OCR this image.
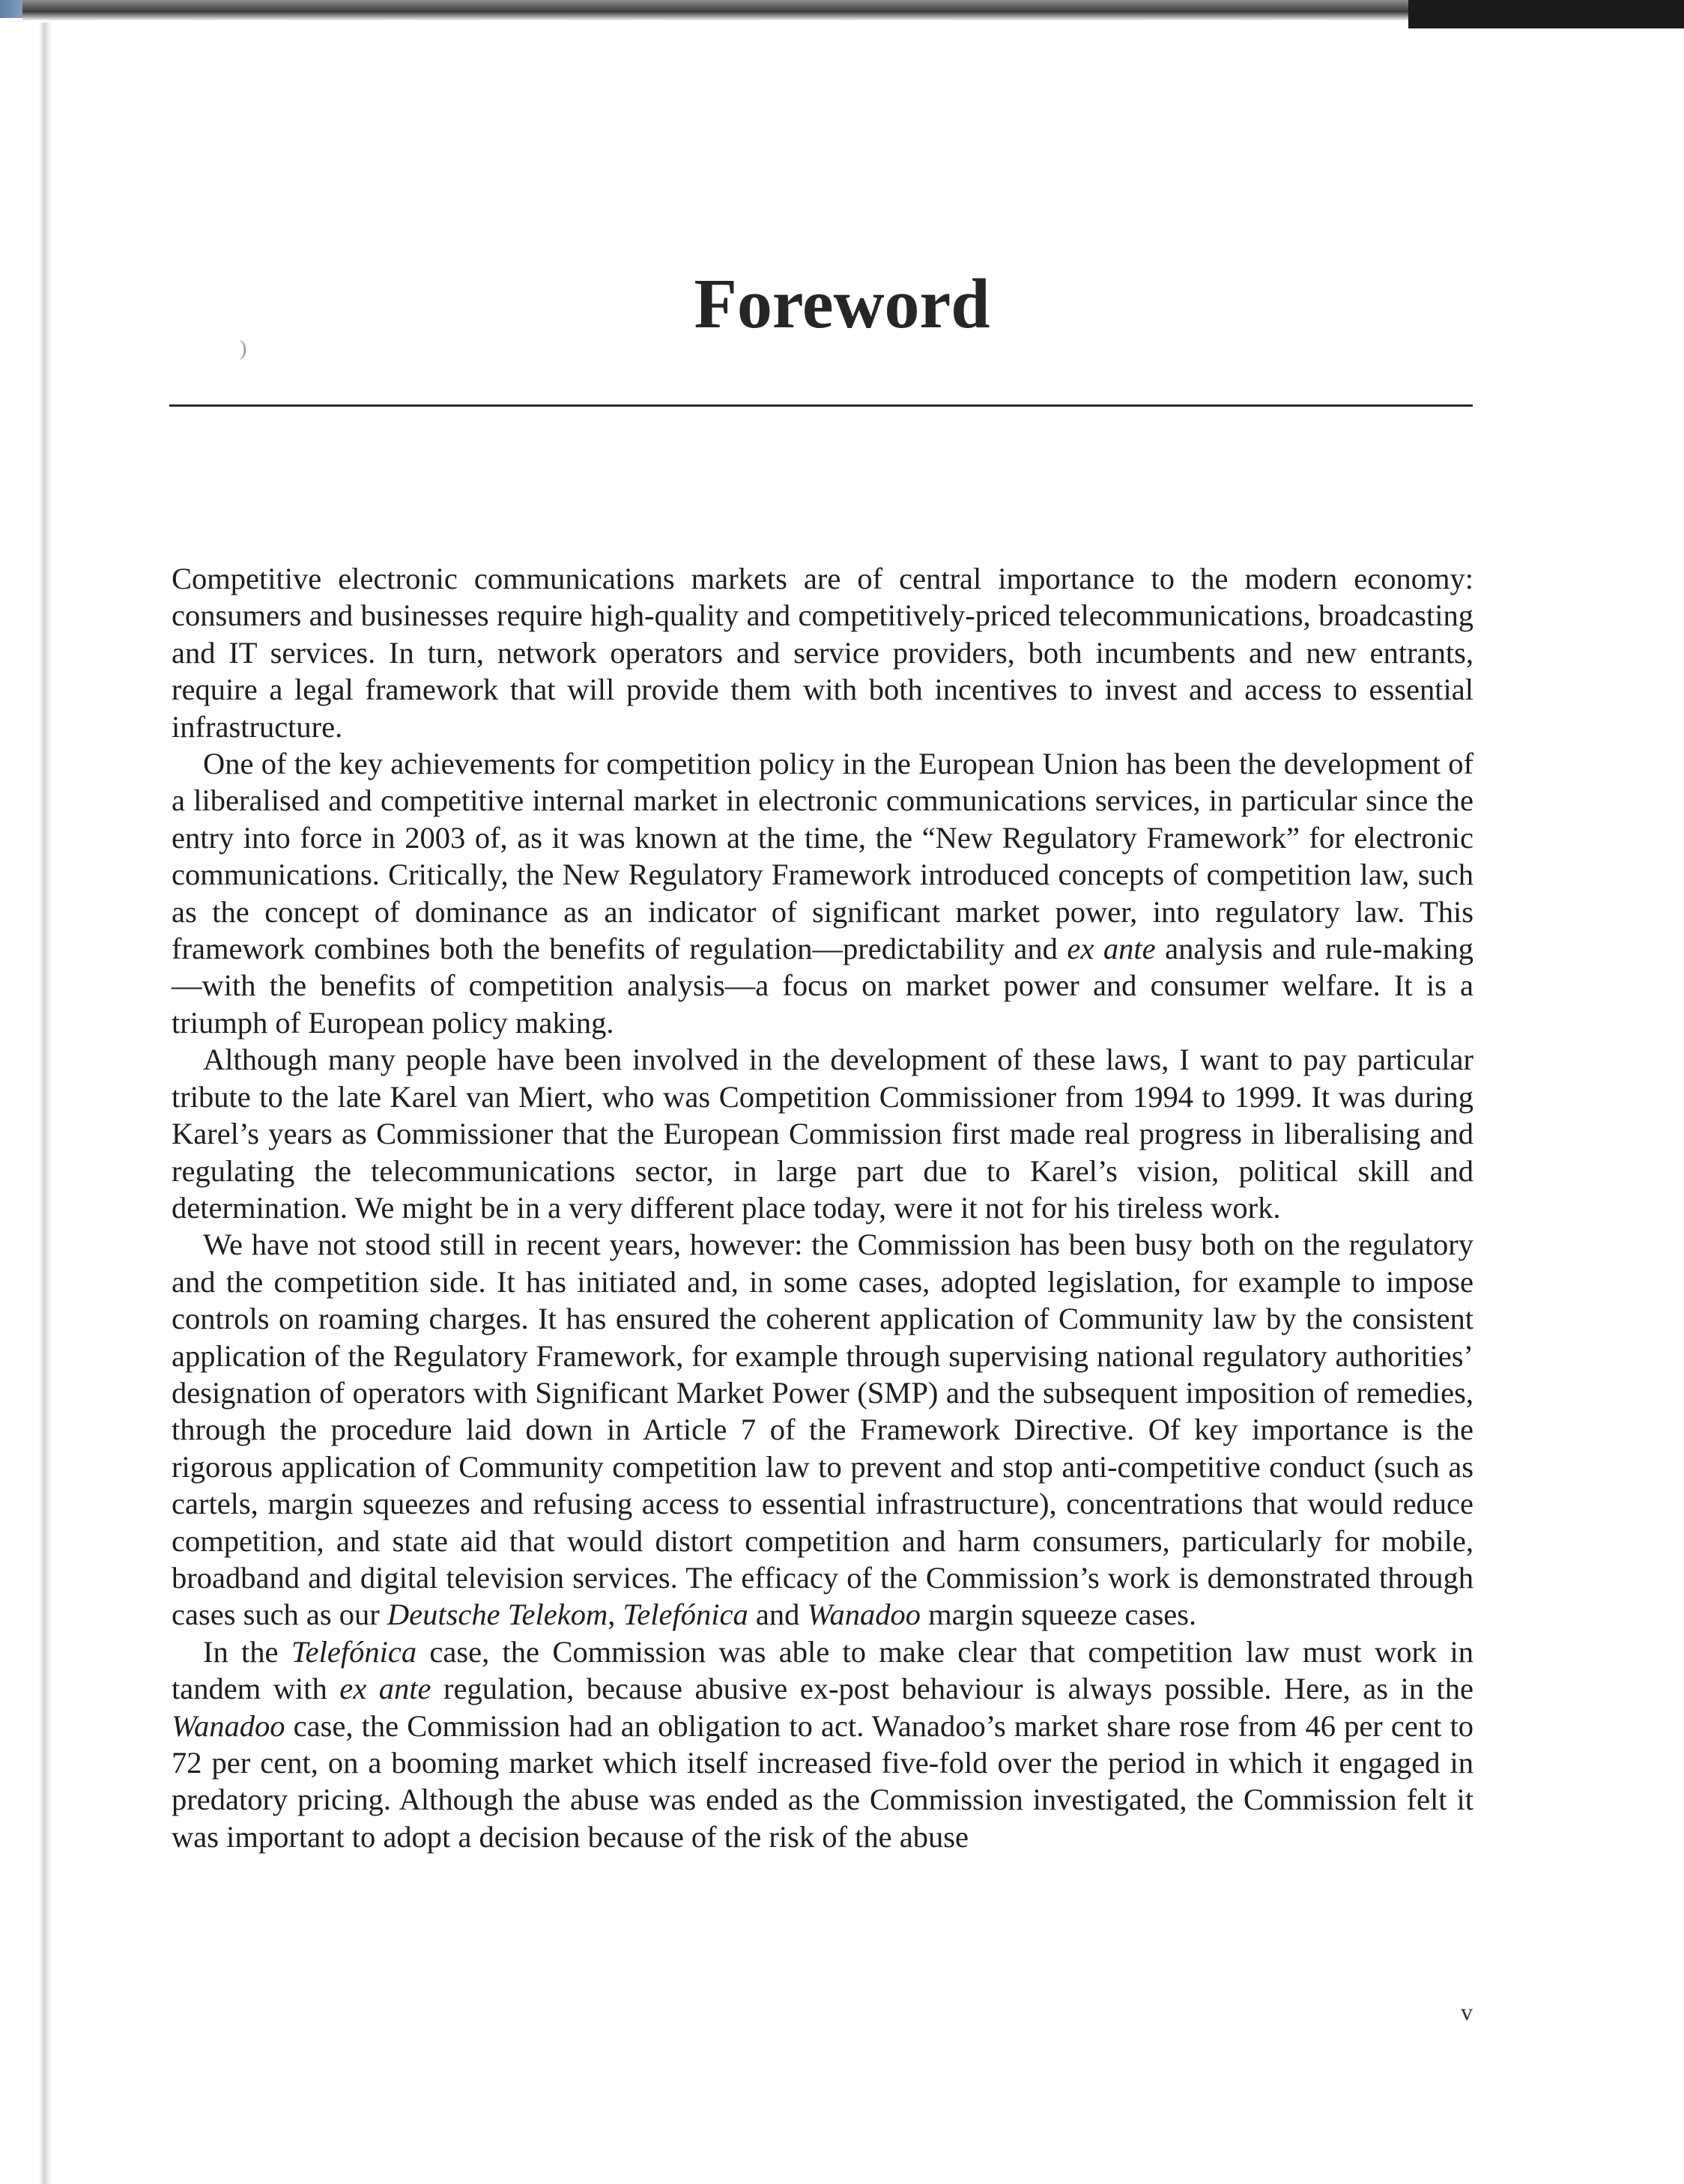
Foreword
)

Competitive electronic communications markets are of central importance to the modern economy: consumers and businesses require high-quality and competitively-priced telecommunications, broadcasting and IT services. In turn, network operators and service providers, both incumbents and new entrants, require a legal framework that will provide them with both incentives to invest and access to essential infrastructure.

One of the key achievements for competition policy in the European Union has been the development of a liberalised and competitive internal market in electronic communications services, in particular since the entry into force in 2003 of, as it was known at the time, the “New Regulatory Framework” for electronic communications. Critically, the New Regulatory Framework introduced concepts of competition law, such as the concept of dominance as an indicator of significant market power, into regulatory law. This framework combines both the benefits of regulation—predictability and ex ante analysis and rule-making—with the benefits of competition analysis—a focus on market power and consumer welfare. It is a triumph of European policy making.

Although many people have been involved in the development of these laws, I want to pay particular tribute to the late Karel van Miert, who was Competition Commissioner from 1994 to 1999. It was during Karel’s years as Commissioner that the European Commission first made real progress in liberalising and regulating the telecommunications sector, in large part due to Karel’s vision, political skill and determination. We might be in a very different place today, were it not for his tireless work.

We have not stood still in recent years, however: the Commission has been busy both on the regulatory and the competition side. It has initiated and, in some cases, adopted legislation, for example to impose controls on roaming charges. It has ensured the coherent application of Community law by the consistent application of the Regulatory Framework, for example through supervising national regulatory authorities’ designation of operators with Significant Market Power (SMP) and the subsequent imposition of remedies, through the procedure laid down in Article 7 of the Framework Directive. Of key importance is the rigorous application of Community competition law to prevent and stop anti-competitive conduct (such as cartels, margin squeezes and refusing access to essential infrastructure), concentrations that would reduce competition, and state aid that would distort competition and harm consumers, particularly for mobile, broadband and digital television services. The efficacy of the Commission’s work is demonstrated through cases such as our Deutsche Telekom, Telefónica and Wanadoo margin squeeze cases.

In the Telefónica case, the Commission was able to make clear that competition law must work in tandem with ex ante regulation, because abusive ex-post behaviour is always possible. Here, as in the Wanadoo case, the Commission had an obligation to act. Wanadoo’s market share rose from 46 per cent to 72 per cent, on a booming market which itself increased five-fold over the period in which it engaged in predatory pricing. Although the abuse was ended as the Commission investigated, the Commission felt it was important to adopt a decision because of the risk of the abuse

v
